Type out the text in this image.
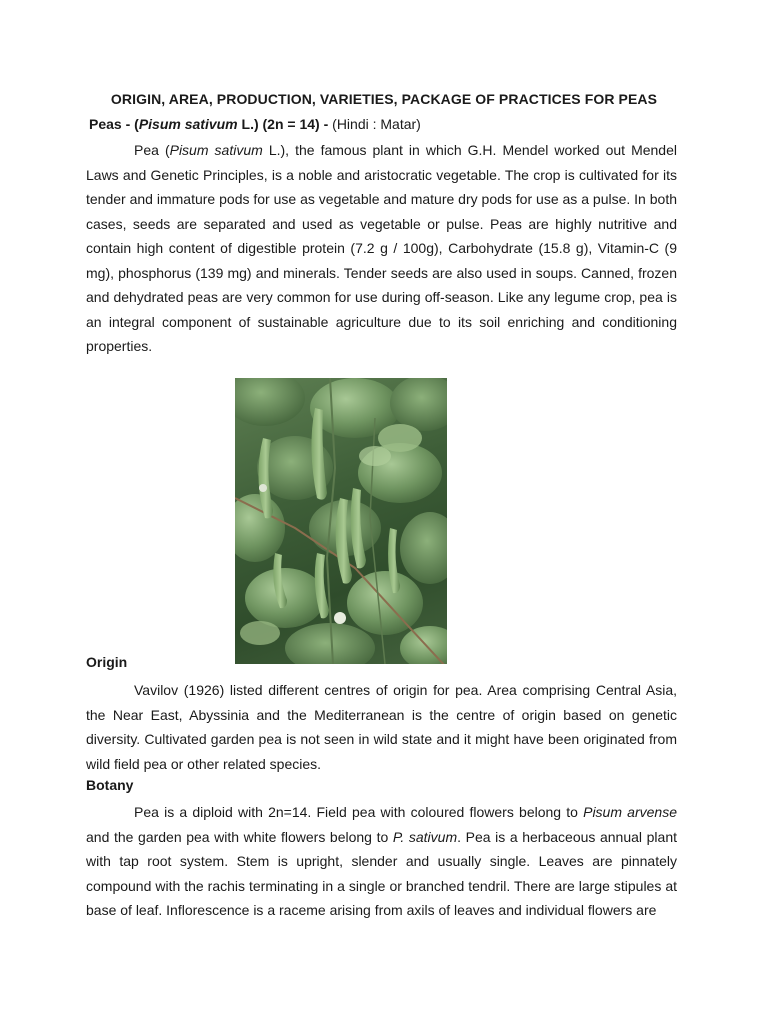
ORIGIN, AREA, PRODUCTION, VARIETIES, PACKAGE OF PRACTICES FOR PEAS
Peas - (Pisum sativum L.) (2n = 14) - (Hindi : Matar)

Pea (Pisum sativum L.), the famous plant in which G.H. Mendel worked out Mendel Laws and Genetic Principles, is a noble and aristocratic vegetable. The crop is cultivated for its tender and immature pods for use as vegetable and mature dry pods for use as a pulse. In both cases, seeds are separated and used as vegetable or pulse. Peas are highly nutritive and contain high content of digestible protein (7.2 g / 100g), Carbohydrate (15.8 g), Vitamin-C (9 mg), phosphorus (139 mg) and minerals. Tender seeds are also used in soups. Canned, frozen and dehydrated peas are very common for use during off-season. Like any legume crop, pea is an integral component of sustainable agriculture due to its soil enriching and conditioning properties.

Origin

Vavilov (1926) listed different centres of origin for pea. Area comprising Central Asia, the Near East, Abyssinia and the Mediterranean is the centre of origin based on genetic diversity. Cultivated garden pea is not seen in wild state and it might have been originated from wild field pea or other related species.

Botany

Pea is a diploid with 2n=14. Field pea with coloured flowers belong to Pisum arvense and the garden pea with white flowers belong to P. sativum. Pea is a herbaceous annual plant with tap root system. Stem is upright, slender and usually single. Leaves are pinnately compound with the rachis terminating in a single or branched tendril. There are large stipules at base of leaf. Inflorescence is a raceme arising from axils of leaves and individual flowers are
